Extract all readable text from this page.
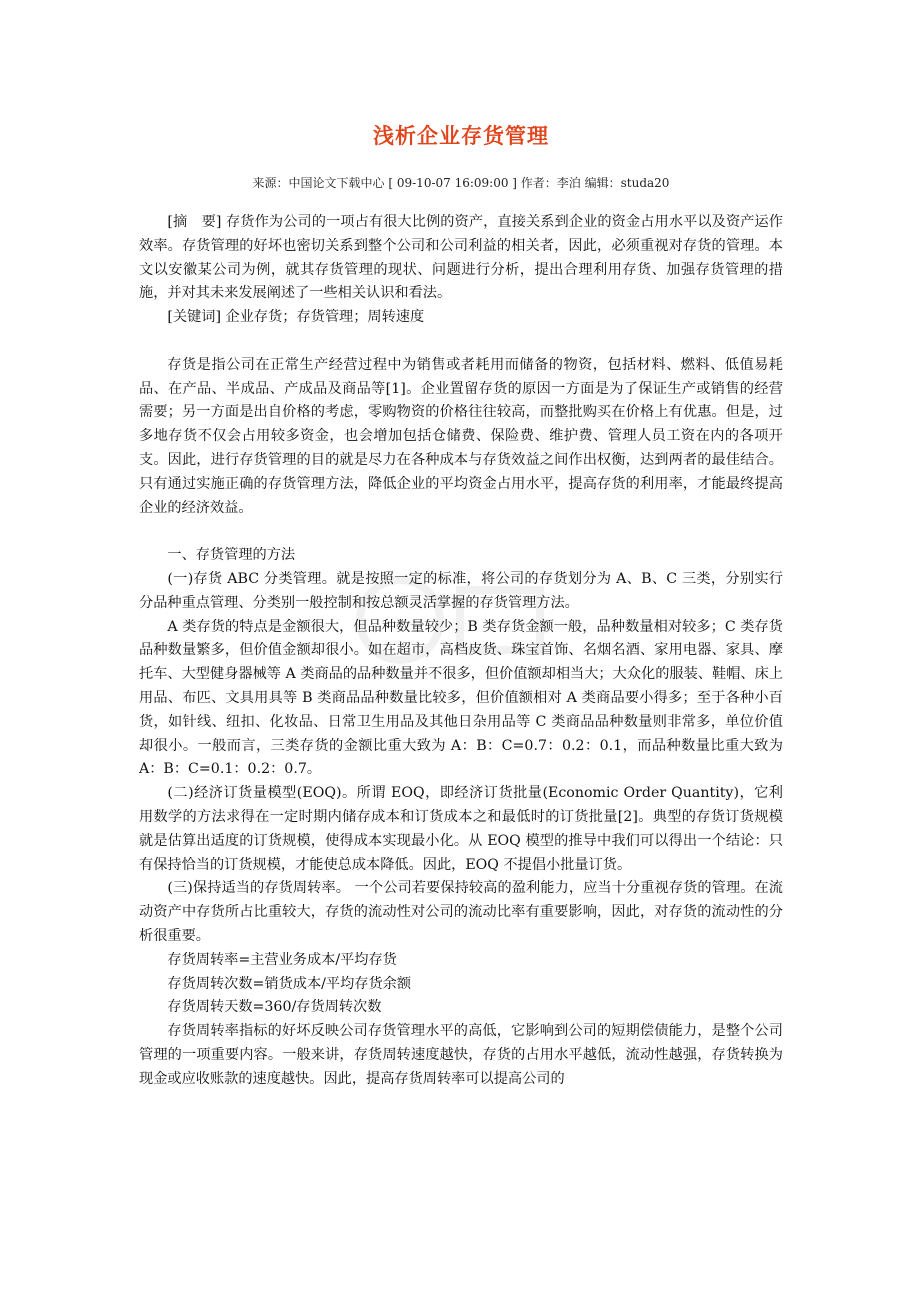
浅析企业存货管理
来源：中国论文下载中心 [ 09-10-07 16:09:00 ] 作者：李泊 编辑：studa20

[摘　要] 存货作为公司的一项占有很大比例的资产，直接关系到企业的资金占用水平以及资产运作效率。存货管理的好坏也密切关系到整个公司和公司利益的相关者，因此，必须重视对存货的管理。本文以安徽某公司为例，就其存货管理的现状、问题进行分析，提出合理利用存货、加强存货管理的措施，并对其未来发展阐述了一些相关认识和看法。

[关键词] 企业存货；存货管理；周转速度

存货是指公司在正常生产经营过程中为销售或者耗用而储备的物资，包括材料、燃料、低值易耗品、在产品、半成品、产成品及商品等[1]。企业置留存货的原因一方面是为了保证生产或销售的经营需要；另一方面是出自价格的考虑，零购物资的价格往往较高，而整批购买在价格上有优惠。但是，过多地存货不仅会占用较多资金，也会增加包括仓储费、保险费、维护费、管理人员工资在内的各项开支。因此，进行存货管理的目的就是尽力在各种成本与存货效益之间作出权衡，达到两者的最佳结合。只有通过实施正确的存货管理方法，降低企业的平均资金占用水平，提高存货的利用率，才能最终提高企业的经济效益。

一、存货管理的方法

(一)存货 ABC 分类管理。就是按照一定的标准，将公司的存货划分为 A、B、C 三类，分别实行分品种重点管理、分类别一般控制和按总额灵活掌握的存货管理方法。

A 类存货的特点是金额很大，但品种数量较少；B 类存货金额一般，品种数量相对较多；C 类存货品种数量繁多，但价值金额却很小。如在超市，高档皮货、珠宝首饰、名烟名酒、家用电器、家具、摩托车、大型健身器械等 A 类商品的品种数量并不很多，但价值额却相当大；大众化的服装、鞋帽、床上用品、布匹、文具用具等 B 类商品品种数量比较多，但价值额相对 A 类商品要小得多；至于各种小百货，如针线、纽扣、化妆品、日常卫生用品及其他日杂用品等 C 类商品品种数量则非常多，单位价值却很小。一般而言，三类存货的金额比重大致为 A：B：C=0.7：0.2：0.1，而品种数量比重大致为 A：B：C=0.1：0.2：0.7。

(二)经济订货量模型(EOQ)。所谓 EOQ，即经济订货批量(Economic Order Quantity)，它利用数学的方法求得在一定时期内储存成本和订货成本之和最低时的订货批量[2]。典型的存货订货规模就是估算出适度的订货规模，使得成本实现最小化。从 EOQ 模型的推导中我们可以得出一个结论：只有保持恰当的订货规模，才能使总成本降低。因此，EOQ 不提倡小批量订货。

(三)保持适当的存货周转率。 一个公司若要保持较高的盈利能力，应当十分重视存货的管理。在流动资产中存货所占比重较大，存货的流动性对公司的流动比率有重要影响，因此，对存货的流动性的分析很重要。

存货周转率=主营业务成本/平均存货

存货周转次数=销货成本/平均存货余额

存货周转天数=360/存货周转次数

存货周转率指标的好坏反映公司存货管理水平的高低，它影响到公司的短期偿债能力，是整个公司管理的一项重要内容。一般来讲，存货周转速度越快，存货的占用水平越低，流动性越强，存货转换为现金或应收账款的速度越快。因此，提高存货周转率可以提高公司的
